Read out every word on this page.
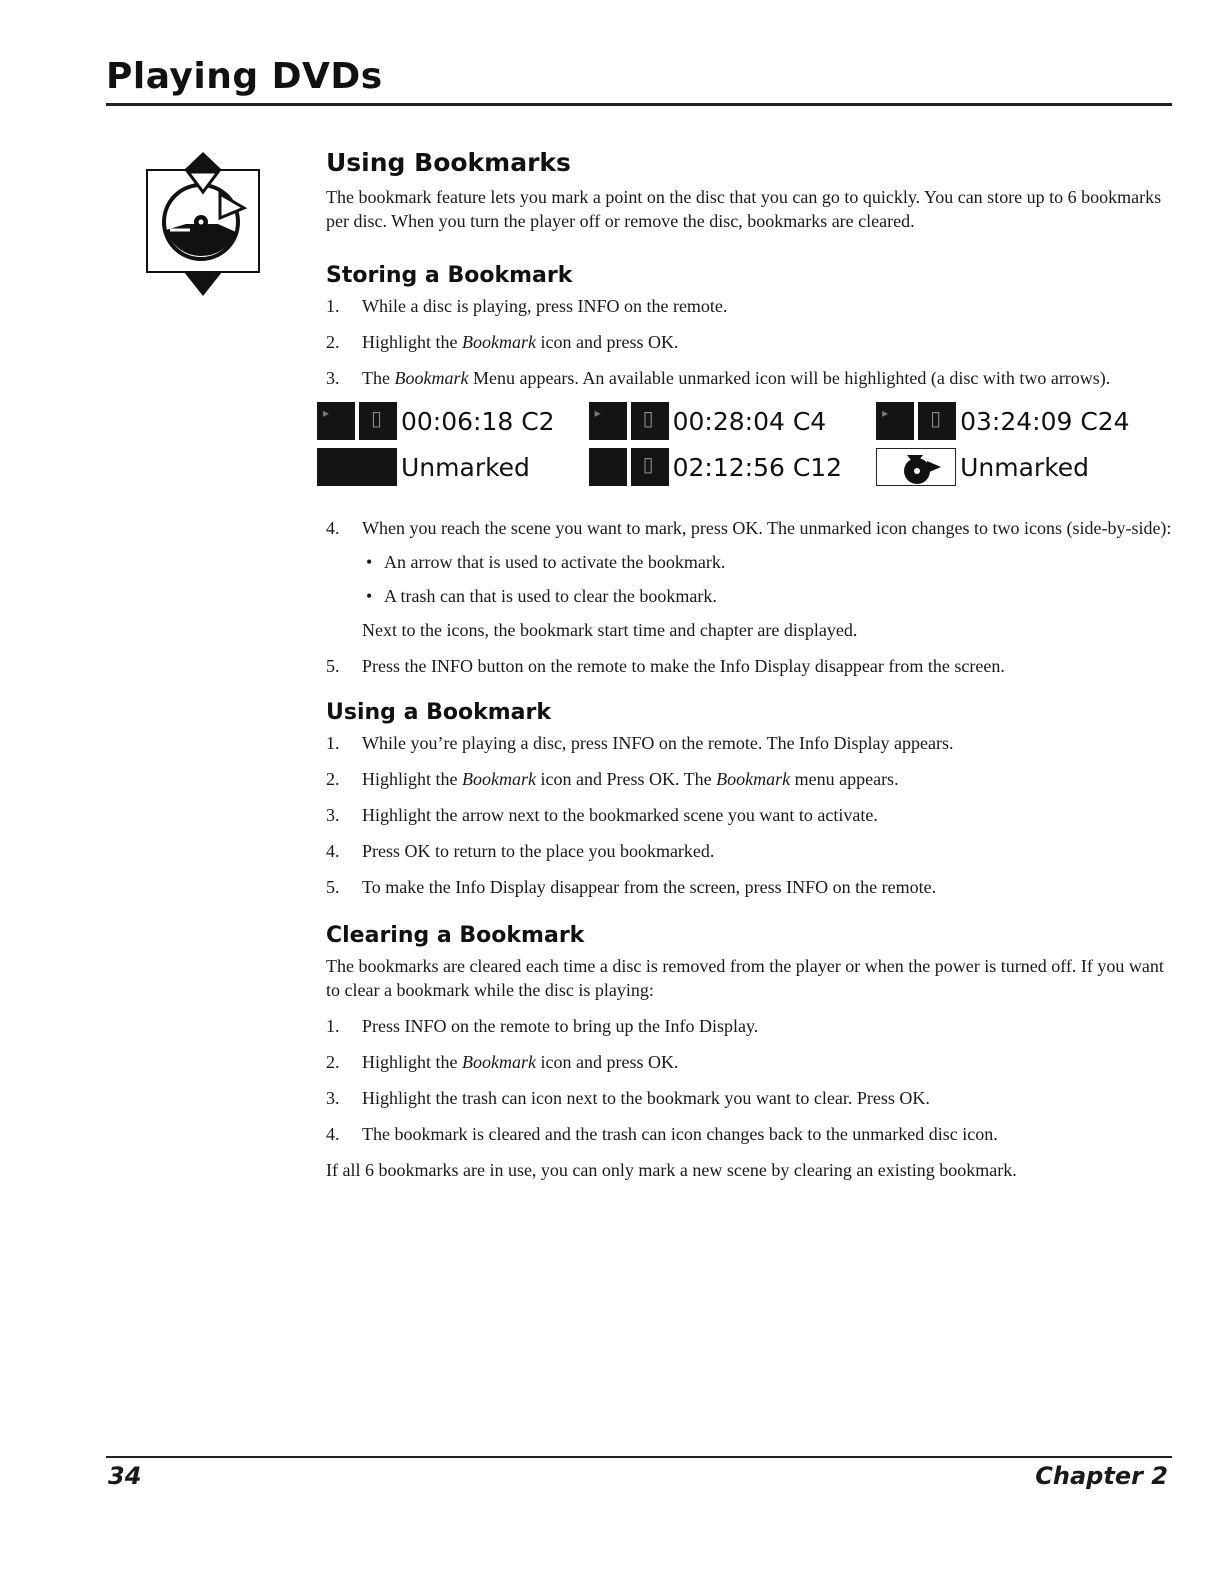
Playing DVDs
Using Bookmarks

The bookmark feature lets you mark a point on the disc that you can go to quickly. You can store up to 6 bookmarks per disc. When you turn the player off or remove the disc, bookmarks are cleared.

Storing a Bookmark
1. While a disc is playing, press INFO on the remote.
2. Highlight the Bookmark icon and press OK.
3. The Bookmark Menu appears. An available unmarked icon will be highlighted (a disc with two arrows).
▸ ▯ 00:06:18 C2
Unmarked
▸ ▯ 00:28:04 C4
▯ 02:12:56 C12
▸ ▯ 03:24:09 C24
Unmarked
4. When you reach the scene you want to mark, press OK. The unmarked icon changes to two icons (side-by-side):
• An arrow that is used to activate the bookmark.
• A trash can that is used to clear the bookmark.
Next to the icons, the bookmark start time and chapter are displayed.
5. Press the INFO button on the remote to make the Info Display disappear from the screen.
Using a Bookmark
1. While you’re playing a disc, press INFO on the remote. The Info Display appears.
2. Highlight the Bookmark icon and Press OK. The Bookmark menu appears.
3. Highlight the arrow next to the bookmarked scene you want to activate.
4. Press OK to return to the place you bookmarked.
5. To make the Info Display disappear from the screen, press INFO on the remote.
Clearing a Bookmark

The bookmarks are cleared each time a disc is removed from the player or when the power is turned off. If you want to clear a bookmark while the disc is playing:

1. Press INFO on the remote to bring up the Info Display.
2. Highlight the Bookmark icon and press OK.
3. Highlight the trash can icon next to the bookmark you want to clear. Press OK.
4. The bookmark is cleared and the trash can icon changes back to the unmarked disc icon.

If all 6 bookmarks are in use, you can only mark a new scene by clearing an existing bookmark.

34	Chapter 2
